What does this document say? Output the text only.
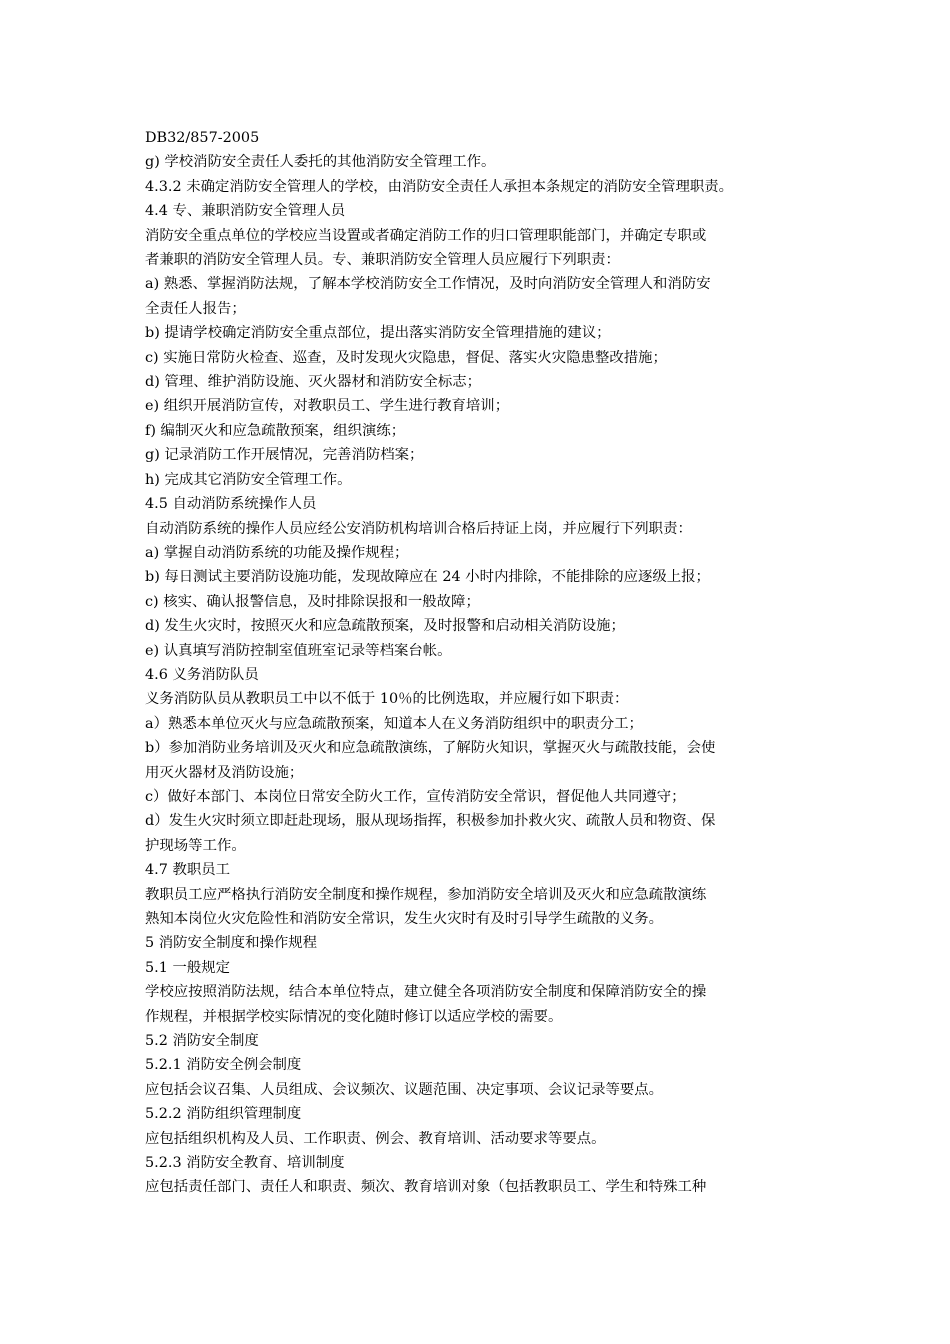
DB32/857-2005
g) 学校消防安全责任人委托的其他消防安全管理工作。
4.3.2 未确定消防安全管理人的学校，由消防安全责任人承担本条规定的消防安全管理职责。
4.4 专、兼职消防安全管理人员
消防安全重点单位的学校应当设置或者确定消防工作的归口管理职能部门，并确定专职或
者兼职的消防安全管理人员。专、兼职消防安全管理人员应履行下列职责：
a) 熟悉、掌握消防法规，了解本学校消防安全工作情况，及时向消防安全管理人和消防安
全责任人报告；
b) 提请学校确定消防安全重点部位，提出落实消防安全管理措施的建议；
c) 实施日常防火检查、巡查，及时发现火灾隐患，督促、落实火灾隐患整改措施；
d) 管理、维护消防设施、灭火器材和消防安全标志；
e) 组织开展消防宣传，对教职员工、学生进行教育培训；
f) 编制灭火和应急疏散预案，组织演练；
g) 记录消防工作开展情况，完善消防档案；
h) 完成其它消防安全管理工作。
4.5 自动消防系统操作人员
自动消防系统的操作人员应经公安消防机构培训合格后持证上岗，并应履行下列职责：
a) 掌握自动消防系统的功能及操作规程；
b) 每日测试主要消防设施功能，发现故障应在 24 小时内排除，不能排除的应逐级上报；
c) 核实、确认报警信息，及时排除误报和一般故障；
d) 发生火灾时，按照灭火和应急疏散预案，及时报警和启动相关消防设施；
e) 认真填写消防控制室值班室记录等档案台帐。
4.6 义务消防队员
义务消防队员从教职员工中以不低于 10％的比例选取，并应履行如下职责：
a）熟悉本单位灭火与应急疏散预案，知道本人在义务消防组织中的职责分工；
b）参加消防业务培训及灭火和应急疏散演练，了解防火知识，掌握灭火与疏散技能，会使
用灭火器材及消防设施；
c）做好本部门、本岗位日常安全防火工作，宣传消防安全常识，督促他人共同遵守；
d）发生火灾时须立即赶赴现场，服从现场指挥，积极参加扑救火灾、疏散人员和物资、保
护现场等工作。
4.7 教职员工
教职员工应严格执行消防安全制度和操作规程，参加消防安全培训及灭火和应急疏散演练
熟知本岗位火灾危险性和消防安全常识，发生火灾时有及时引导学生疏散的义务。
5 消防安全制度和操作规程
5.1 一般规定
学校应按照消防法规，结合本单位特点，建立健全各项消防安全制度和保障消防安全的操
作规程，并根据学校实际情况的变化随时修订以适应学校的需要。
5.2 消防安全制度
5.2.1 消防安全例会制度
应包括会议召集、人员组成、会议频次、议题范围、决定事项、会议记录等要点。
5.2.2 消防组织管理制度
应包括组织机构及人员、工作职责、例会、教育培训、活动要求等要点。
5.2.3 消防安全教育、培训制度
应包括责任部门、责任人和职责、频次、教育培训对象（包括教职员工、学生和特殊工种
